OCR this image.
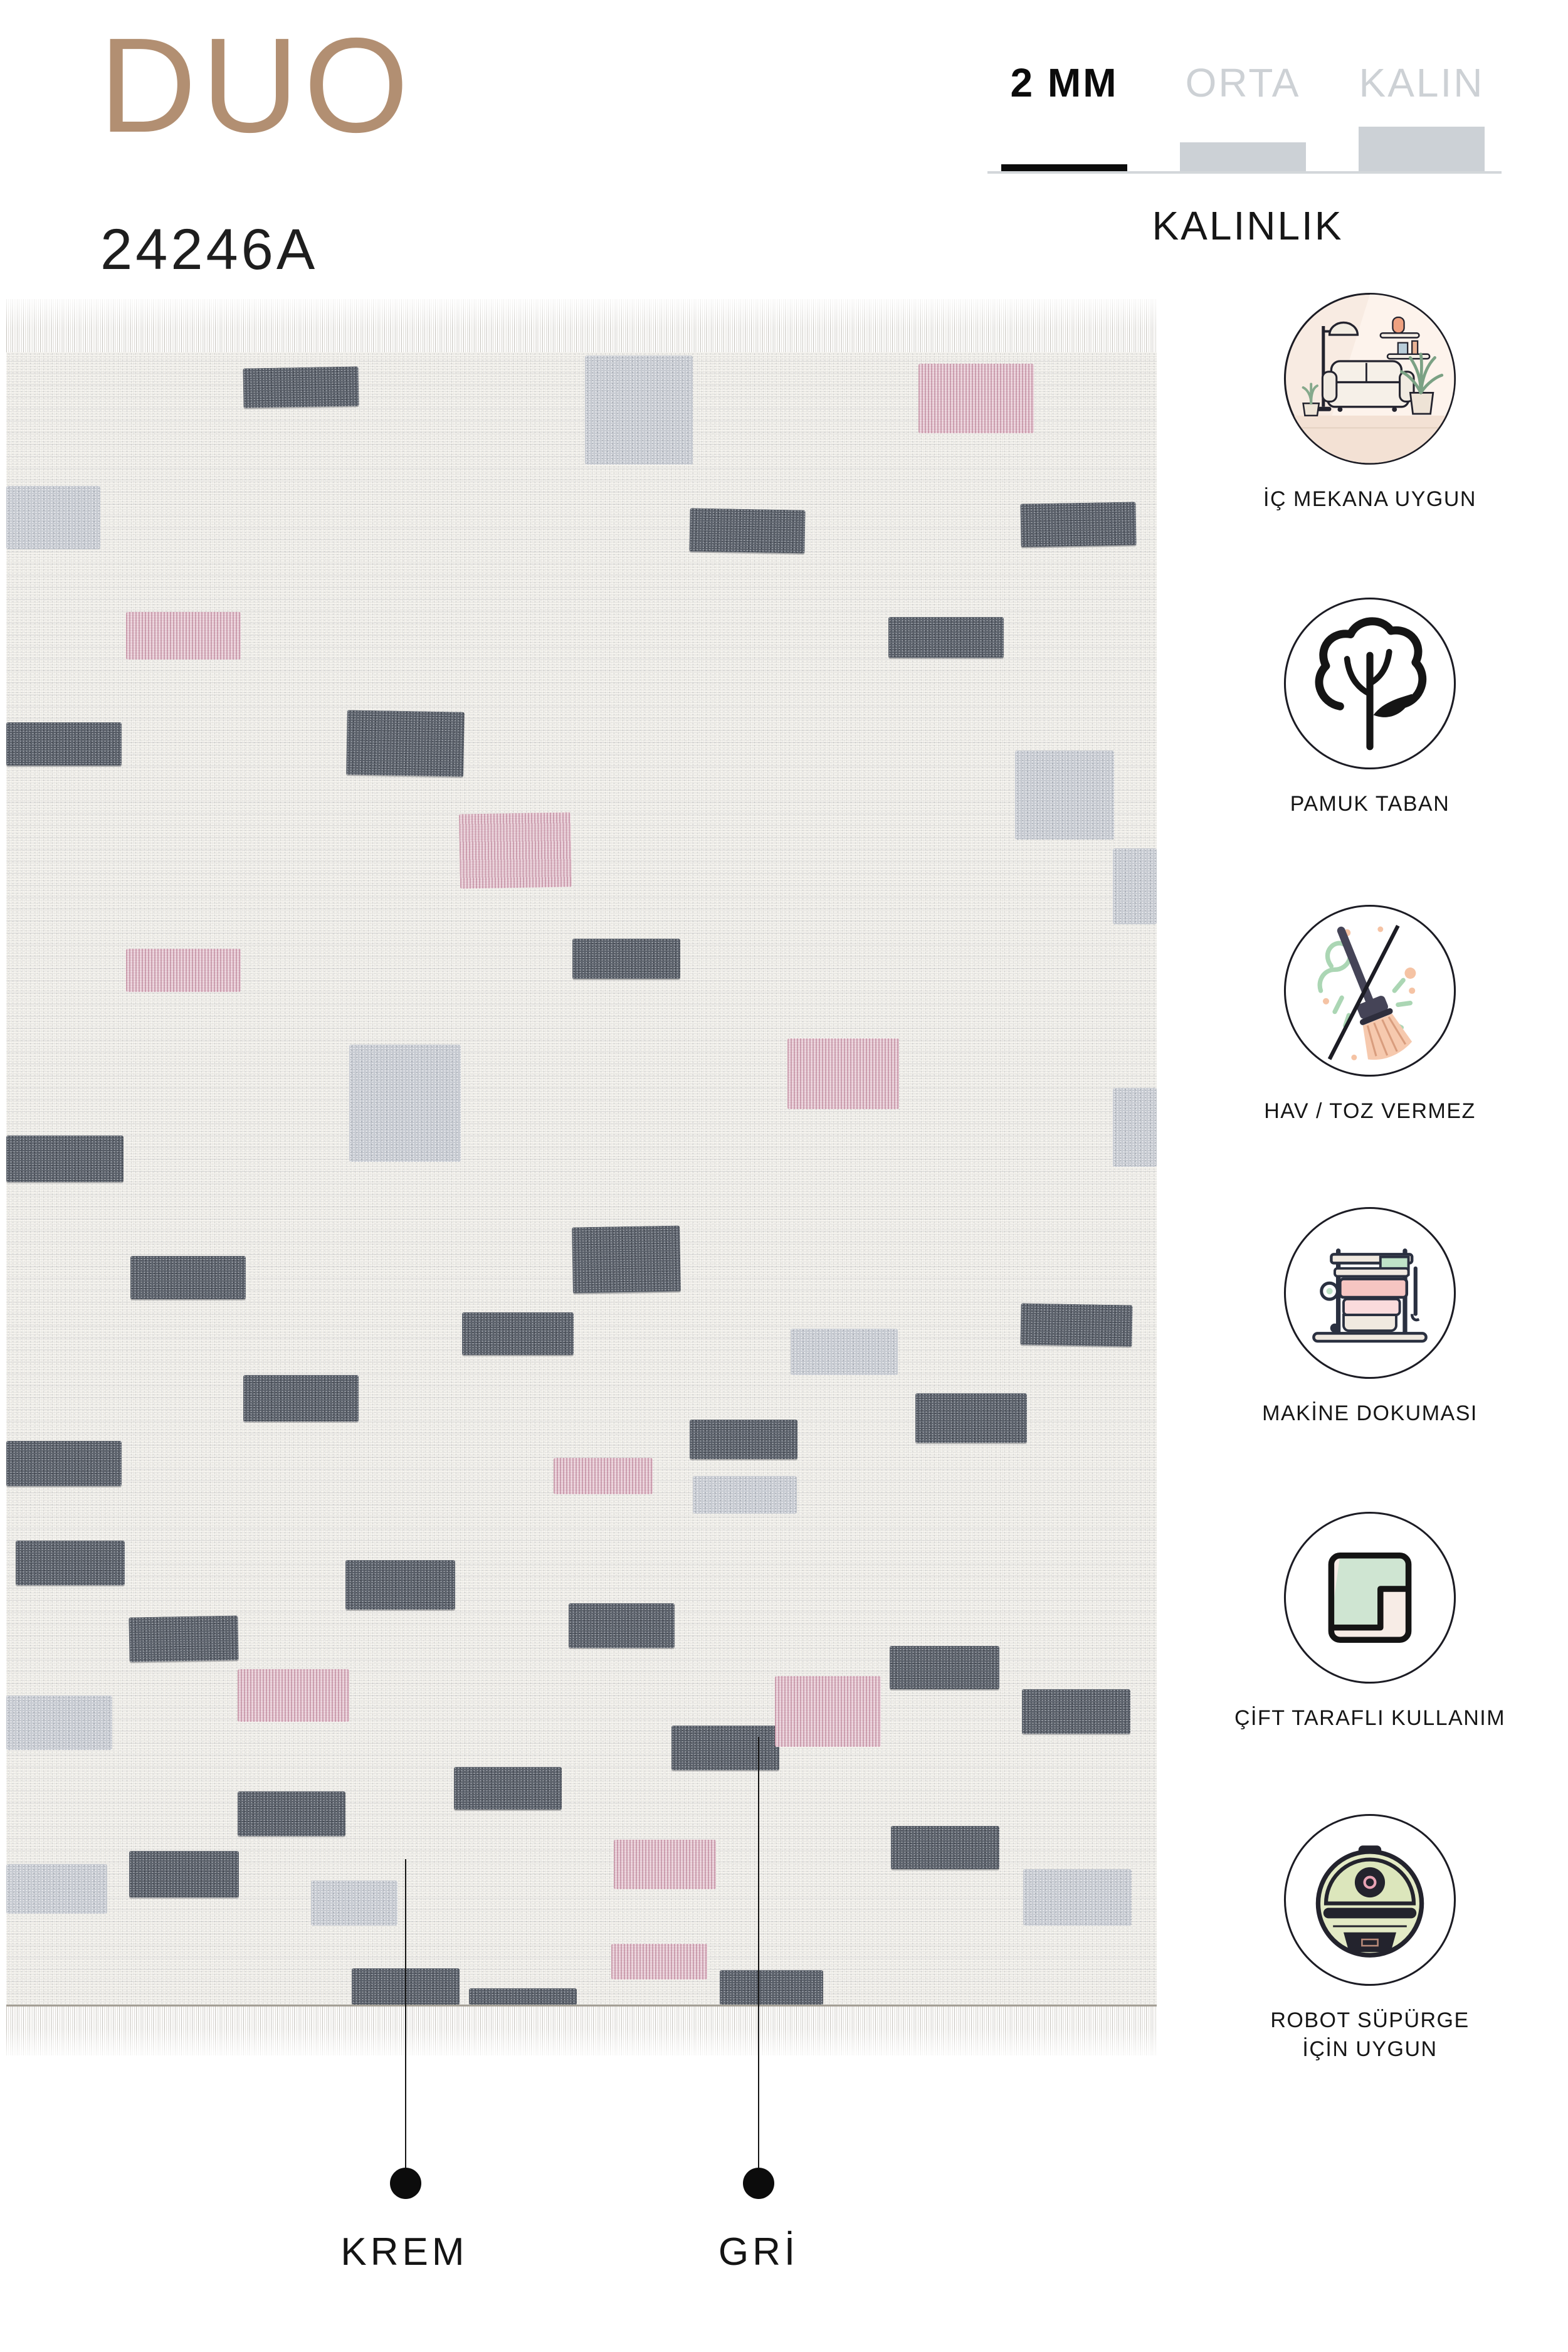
DUO
24246A
2 MM ORTA KALIN
KALINLIK
KREM	GRİ
İÇ MEKANA UYGUN
PAMUK TABAN
HAV / TOZ VERMEZ
MAKİNE DOKUMASI
ÇİFT TARAFLI KULLANIM
ROBOT SÜPÜRGE
İÇİN UYGUN
